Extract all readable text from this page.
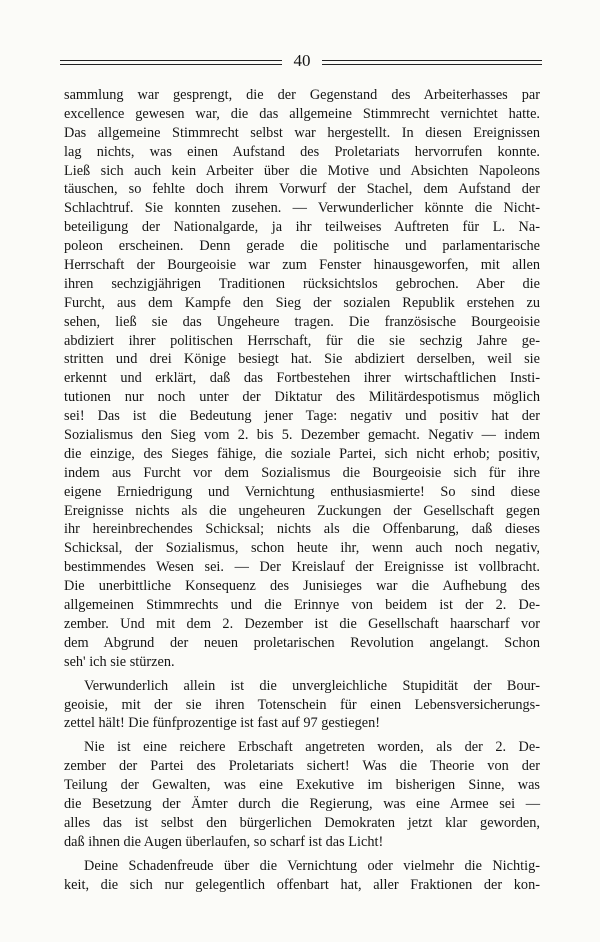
40
sammlung war gesprengt, die der Gegenstand des Arbeiterhasses par
excellence gewesen war, die das allgemeine Stimmrecht vernichtet hatte.
Das allgemeine Stimmrecht selbst war hergestellt. In diesen Ereignissen
lag nichts, was einen Aufstand des Proletariats hervorrufen konnte.
Ließ sich auch kein Arbeiter über die Motive und Absichten Napoleons
täuschen, so fehlte doch ihrem Vorwurf der Stachel, dem Aufstand der
Schlachtruf. Sie konnten zusehen. — Verwunderlicher könnte die Nicht-
beteiligung der Nationalgarde, ja ihr teilweises Auftreten für L. Na-
poleon erscheinen. Denn gerade die politische und parlamentarische
Herrschaft der Bourgeoisie war zum Fenster hinausgeworfen, mit allen
ihren sechzigjährigen Traditionen rücksichtslos gebrochen. Aber die
Furcht, aus dem Kampfe den Sieg der sozialen Republik erstehen zu
sehen, ließ sie das Ungeheure tragen. Die französische Bourgeoisie
abdiziert ihrer politischen Herrschaft, für die sie sechzig Jahre ge-
stritten und drei Könige besiegt hat. Sie abdiziert derselben, weil sie
erkennt und erklärt, daß das Fortbestehen ihrer wirtschaftlichen Insti-
tutionen nur noch unter der Diktatur des Militärdespotismus möglich
sei! Das ist die Bedeutung jener Tage: negativ und positiv hat der
Sozialismus den Sieg vom 2. bis 5. Dezember gemacht. Negativ — indem
die einzige, des Sieges fähige, die soziale Partei, sich nicht erhob; positiv,
indem aus Furcht vor dem Sozialismus die Bourgeoisie sich für ihre
eigene Erniedrigung und Vernichtung enthusiasmierte! So sind diese
Ereignisse nichts als die ungeheuren Zuckungen der Gesellschaft gegen
ihr hereinbrechendes Schicksal; nichts als die Offenbarung, daß dieses
Schicksal, der Sozialismus, schon heute ihr, wenn auch noch negativ,
bestimmendes Wesen sei. — Der Kreislauf der Ereignisse ist vollbracht.
Die unerbittliche Konsequenz des Junisieges war die Aufhebung des
allgemeinen Stimmrechts und die Erinnye von beidem ist der 2. De-
zember. Und mit dem 2. Dezember ist die Gesellschaft haarscharf vor
dem Abgrund der neuen proletarischen Revolution angelangt. Schon
seh' ich sie stürzen.
Verwunderlich allein ist die unvergleichliche Stupidität der Bour-
geoisie, mit der sie ihren Totenschein für einen Lebensversicherungs-
zettel hält! Die fünfprozentige ist fast auf 97 gestiegen!
Nie ist eine reichere Erbschaft angetreten worden, als der 2. De-
zember der Partei des Proletariats sichert! Was die Theorie von der
Teilung der Gewalten, was eine Exekutive im bisherigen Sinne, was
die Besetzung der Ämter durch die Regierung, was eine Armee sei —
alles das ist selbst den bürgerlichen Demokraten jetzt klar geworden,
daß ihnen die Augen überlaufen, so scharf ist das Licht!
Deine Schadenfreude über die Vernichtung oder vielmehr die Nichtig-
keit, die sich nur gelegentlich offenbart hat, aller Fraktionen der kon-
